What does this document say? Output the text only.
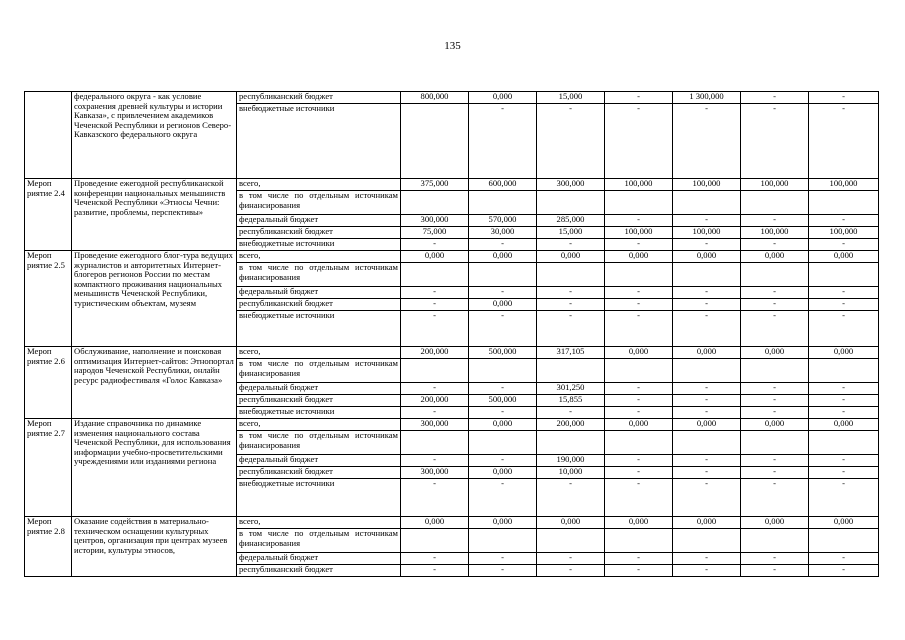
135
	федерального округа - как условие сохранения древней культуры и истории Кавказа», с привлечением академиков Чеченской Республики и регионов Северо-Кавказского федерального округа	республиканский бюджет	800,000	0,000	15,000	-	1 300,000	-	-
		внебюджетные источники		-	-	-	-	-	-
Мероп риятие 2.4	Проведение ежегодной республиканской конференции национальных меньшинств Чеченской Республики «Этносы Чечни: развитие, проблемы, перспективы»	всего,	375,000	600,000	300,000	100,000	100,000	100,000	100,000
		в том числе по отдельным источникам финансирования							
		федеральный бюджет	300,000	570,000	285,000	-	-	-	-
		республиканский бюджет	75,000	30,000	15,000	100,000	100,000	100,000	100,000
		внебюджетные источники	-	-	-	-	-	-	-
Мероп риятие 2.5	Проведение ежегодного блог-тура ведущих журналистов и авторитетных Интернет-блогеров регионов России по местам компактного проживания национальных меньшинств Чеченской Республики, туристическим объектам, музеям	всего,	0,000	0,000	0,000	0,000	0,000	0,000	0,000
		в том числе по отдельным источникам финансирования							
		федеральный бюджет	-	-	-	-	-	-	-
		республиканский бюджет	-	0,000	-	-	-	-	-
		внебюджетные источники	-	-	-	-	-	-	-
Мероп риятие 2.6	Обслуживание, наполнение и поисковая оптимизация Интернет-сайтов: Этнопортал народов Чеченской Республики, онлайн ресурс радиофестиваля «Голос Кавказа»	всего,	200,000	500,000	317,105	0,000	0,000	0,000	0,000
		в том числе по отдельным источникам финансирования							
		федеральный бюджет	-	-	301,250	-	-	-	-
		республиканский бюджет	200,000	500,000	15,855	-	-	-	-
		внебюджетные источники	-	-	-	-	-	-	-
Мероп риятие 2.7	Издание справочника по динамике изменения национального состава Чеченской Республики, для использования информации учебно-просветительскими учреждениями или изданиями региона	всего,	300,000	0,000	200,000	0,000	0,000	0,000	0,000
		в том числе по отдельным источникам финансирования							
		федеральный бюджет	-	-	190,000	-	-	-	-
		республиканский бюджет	300,000	0,000	10,000	-	-	-	-
		внебюджетные источники	-	-	-	-	-	-	-
Мероп риятие 2.8	Оказание содействия в материально-техническом оснащении культурных центров, организация при центрах музеев истории, культуры этносов,	всего,	0,000	0,000	0,000	0,000	0,000	0,000	0,000
		в том числе по отдельным источникам финансирования							
		федеральный бюджет	-	-	-	-	-	-	-
		республиканский бюджет	-	-	-	-	-	-	-
